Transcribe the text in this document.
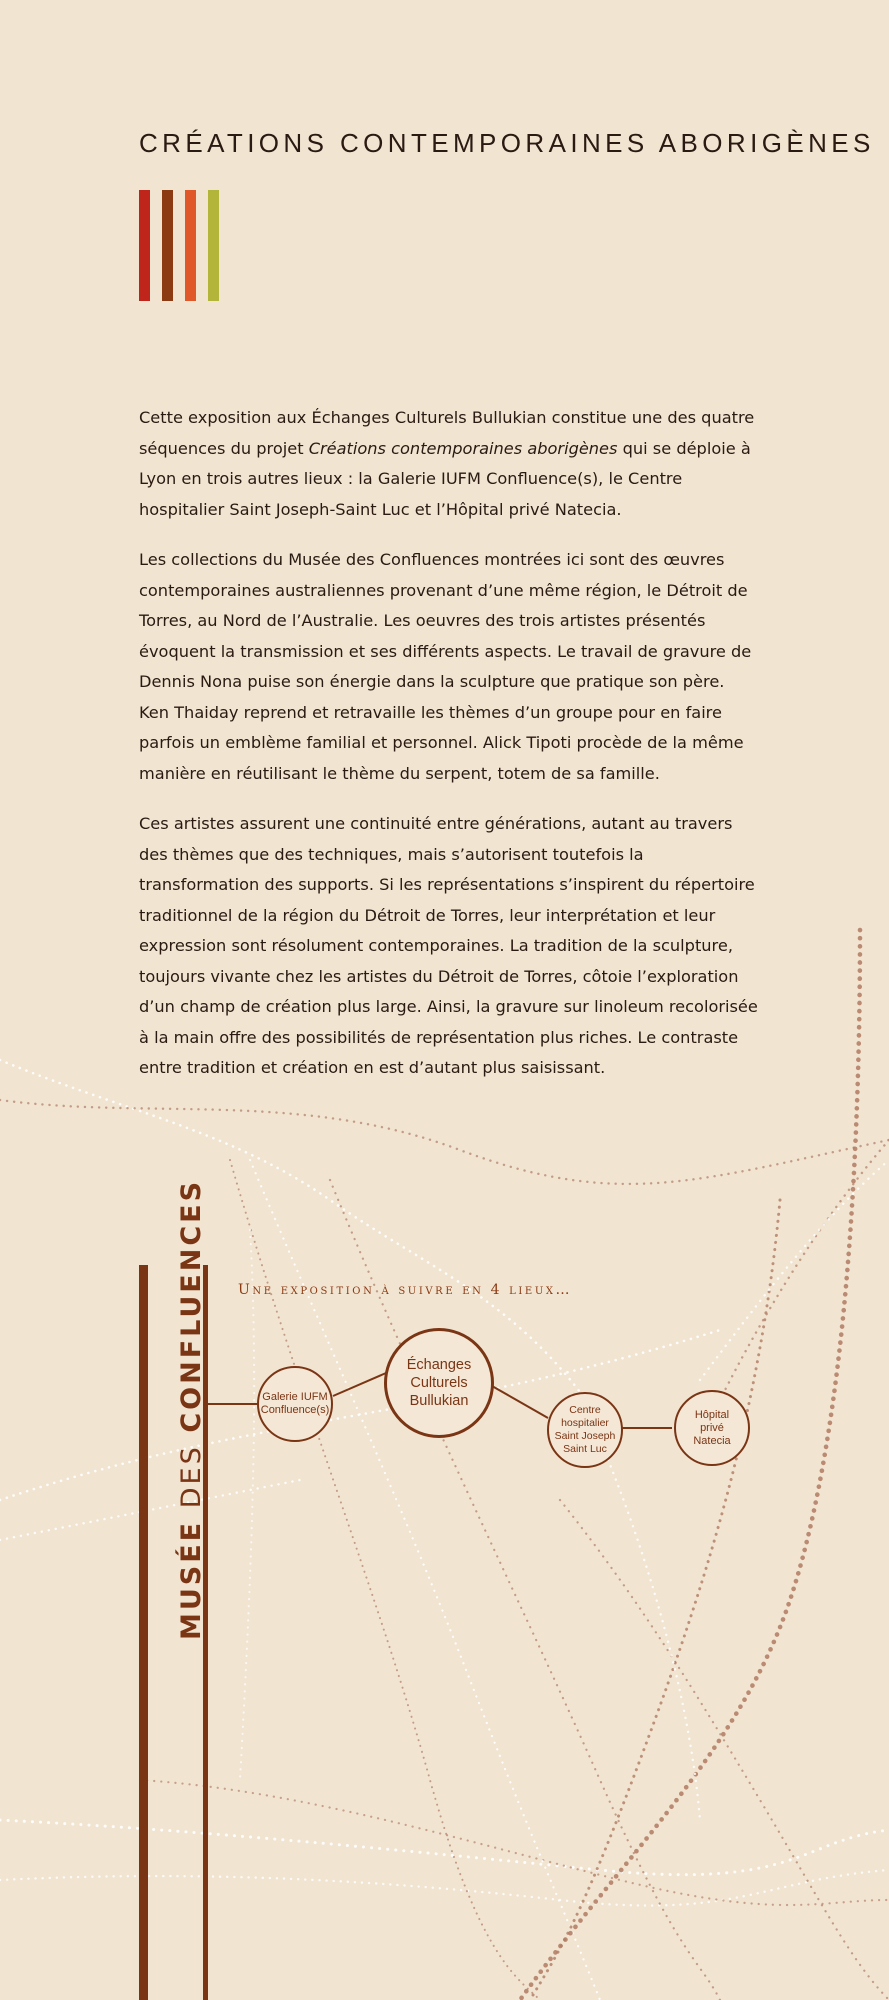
CRÉATIONS CONTEMPORAINES ABORIGÈNES

Cette exposition aux Échanges Culturels Bullukian constitue une des quatre séquences du projet Créations contemporaines aborigènes qui se déploie à Lyon en trois autres lieux : la Galerie IUFM Confluence(s), le Centre hospitalier Saint Joseph-Saint Luc et l’Hôpital privé Natecia.

Les collections du Musée des Confluences montrées ici sont des œuvres contemporaines australiennes provenant d’une même région, le Détroit de Torres, au Nord de l’Australie. Les oeuvres des trois artistes présentés évoquent la transmission et ses différents aspects. Le travail de gravure de Dennis Nona puise son énergie dans la sculpture que pratique son père. Ken Thaiday reprend et retravaille les thèmes d’un groupe pour en faire parfois un emblème familial et personnel. Alick Tipoti procède de la même manière en réutilisant le thème du serpent, totem de sa famille.

Ces artistes assurent une continuité entre générations, autant au travers des thèmes que des techniques, mais s’autorisent toutefois la transformation des supports. Si les représentations s’inspirent du répertoire traditionnel de la région du Détroit de Torres, leur interprétation et leur expression sont résolument contemporaines. La tradition de la sculpture, toujours vivante chez les artistes du Détroit de Torres, côtoie l’exploration d’un champ de création plus large. Ainsi, la gravure sur linoleum recolorisée à la main offre des possibilités de représentation plus riches. Le contraste entre tradition et création en est d’autant plus saisissant.

MUSÉE DES CONFLUENCES Une exposition à suivre en 4 lieux…
Galerie IUFM
Confluence(s)
Échanges
Culturels
Bullukian
Centre
hospitalier
Saint Joseph
Saint Luc
Hôpital
privé
Natecia
